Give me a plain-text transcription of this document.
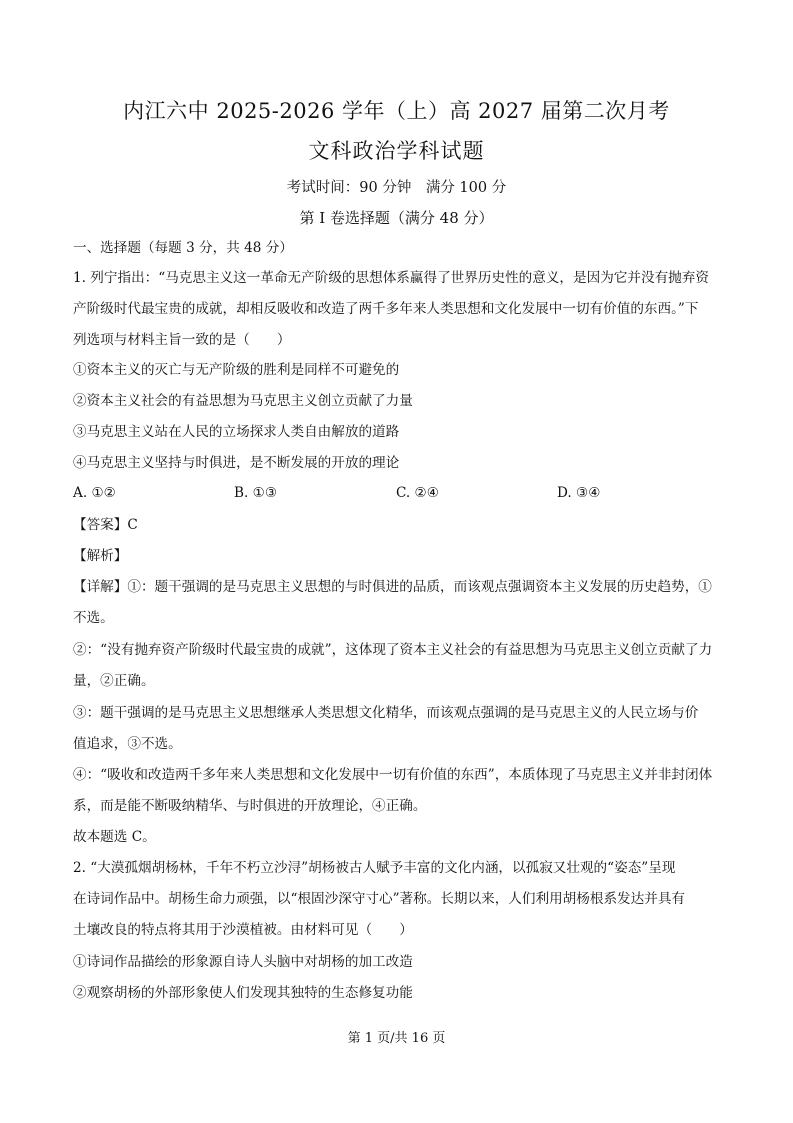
内江六中 2025-2026 学年（上）高 2027 届第二次月考
文科政治学科试题
考试时间：90 分钟　满分 100 分
第 I 卷选择题（满分 48 分）
一、选择题（每题 3 分，共 48 分）
1. 列宁指出：“马克思主义这一革命无产阶级的思想体系赢得了世界历史性的意义，是因为它并没有抛弃资
产阶级时代最宝贵的成就，却相反吸收和改造了两千多年来人类思想和文化发展中一切有价值的东西。”下
列选项与材料主旨一致的是（　　）
①资本主义的灭亡与无产阶级的胜利是同样不可避免的
②资本主义社会的有益思想为马克思主义创立贡献了力量
③马克思主义站在人民的立场探求人类自由解放的道路
④马克思主义坚持与时俱进，是不断发展的开放的理论
A. ①②	B. ①③	C. ②④	D. ③④
【答案】C
【解析】
【详解】①：题干强调的是马克思主义思想的与时俱进的品质，而该观点强调资本主义发展的历史趋势，①
不选。
②：“没有抛弃资产阶级时代最宝贵的成就”，这体现了资本主义社会的有益思想为马克思主义创立贡献了力
量，②正确。
③：题干强调的是马克思主义思想继承人类思想文化精华，而该观点强调的是马克思主义的人民立场与价
值追求，③不选。
④：“吸收和改造两千多年来人类思想和文化发展中一切有价值的东西”，本质体现了马克思主义并非封闭体
系，而是能不断吸纳精华、与时俱进的开放理论，④正确。
故本题选 C。
2. “大漠孤烟胡杨林，千年不朽立沙浔”胡杨被古人赋予丰富的文化内涵，以孤寂又壮观的“姿态”呈现
在诗词作品中。胡杨生命力顽强，以“根固沙深守寸心”著称。长期以来，人们利用胡杨根系发达并具有
土壤改良的特点将其用于沙漠植被。由材料可见（　　）
①诗词作品描绘的形象源自诗人头脑中对胡杨的加工改造
②观察胡杨的外部形象使人们发现其独特的生态修复功能
第 1 页/共 16 页
